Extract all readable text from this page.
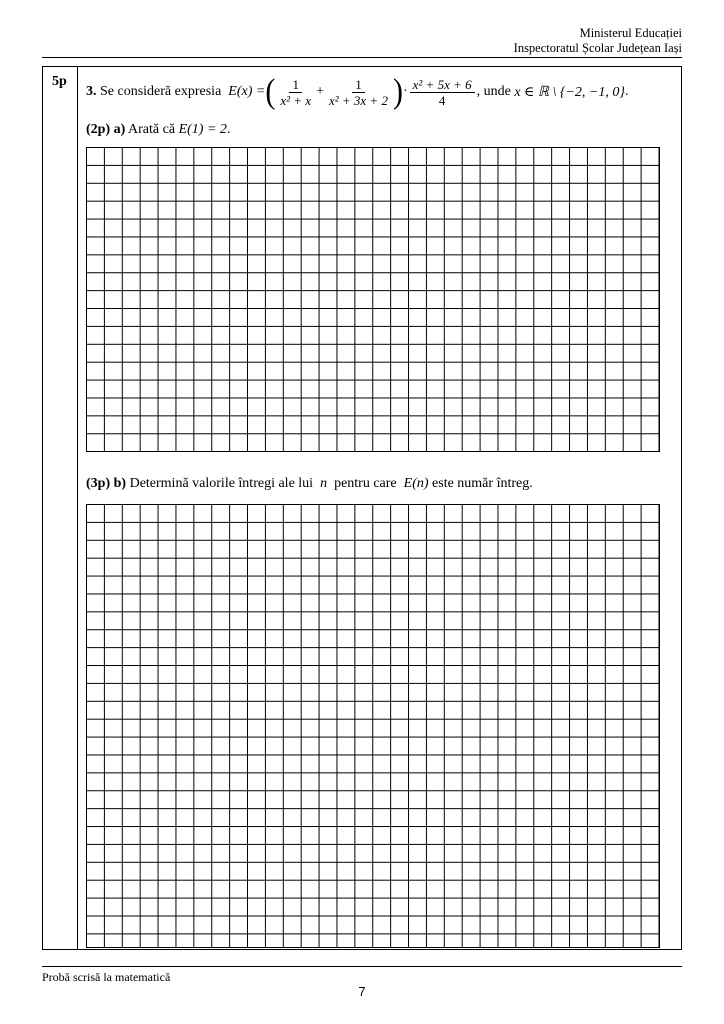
Ministerul Educației
Inspectoratul Școlar Județean Iași
5p
3.
Se consideră expresia
E(x) = ( $\frac{1}{\text{x² + x}} + \frac{1}{\text{x² + 3x + 2}}$ ) · $\frac{\text{x² + 5x + 6}}{4}$ , unde
x ∈ ℝ \ {−2, −1, 0} .
(2p) a) Arată că E(1) = 2.
(3p) b) Determină valorile întregi ale lui n pentru care E(n) este număr întreg.
Probă scrisă la matematică
7
